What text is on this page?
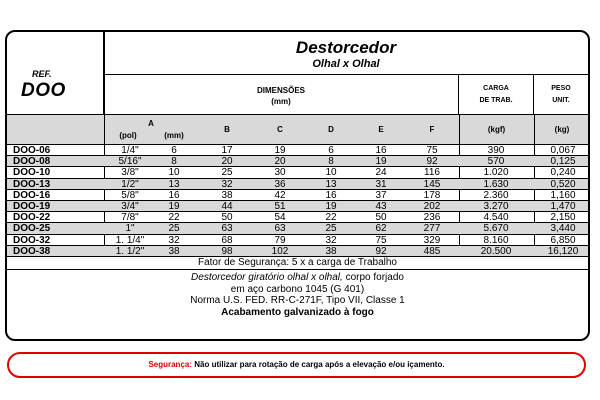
REF.
DOO
Destorcedor
Olhal x Olhal
DIMENSÕES
(mm)
CARGA
DE TRAB.
PESO
UNIT.
A
(pol)	(mm)
B	C	D	E	F	(kgf)	(kg)
DOO-06	1/4"	6	17	19	6	16	75	390	0,067
DOO-08	5/16"	8	20	20	8	19	92	570	0,125
DOO-10	3/8"	10	25	30	10	24	116	1.020	0,240
DOO-13	1/2"	13	32	36	13	31	145	1.630	0,520
DOO-16	5/8"	16	38	42	16	37	178	2.360	1,160
DOO-19	3/4"	19	44	51	19	43	202	3.270	1,470
DOO-22	7/8"	22	50	54	22	50	236	4.540	2,150
DOO-25	1"	25	63	63	25	62	277	5.670	3,440
DOO-32	1. 1/4"	32	68	79	32	75	329	8.160	6,850
DOO-38	1. 1/2"	38	98	102	38	92	485	20.500	16,120
Fator de Segurança: 5 x a carga de Trabalho
Destorcedor giratório olhal x olhal, corpo forjado
em aço carbono 1045 (G 401)
Norma U.S. FED. RR-C-271F, Tipo VII, Classe 1
Acabamento galvanizado à fogo
Segurança: Não utilizar para rotação de carga após a elevação e/ou içamento.
